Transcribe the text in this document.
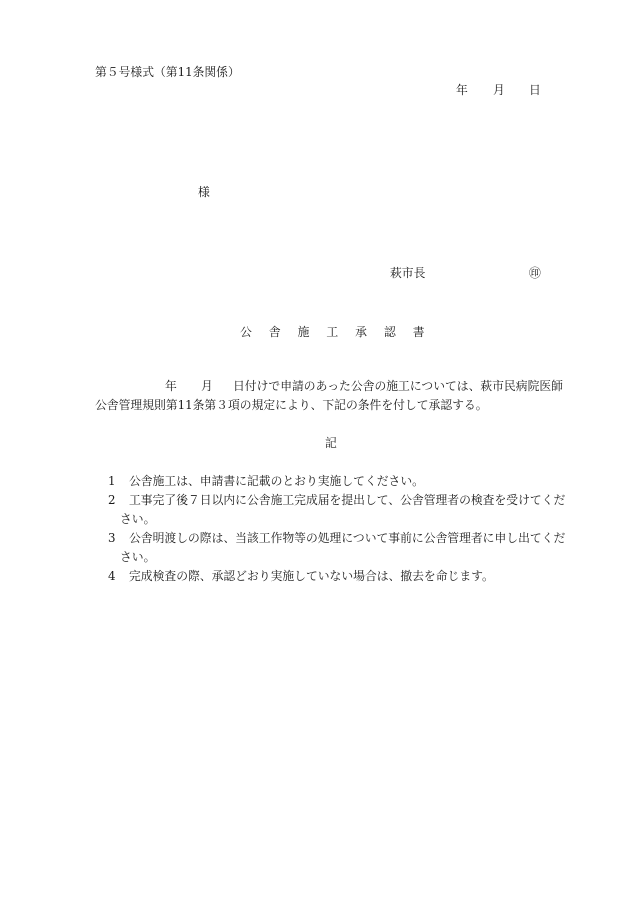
第５号様式（第11条関係）
年 月 日
様
萩市長	㊞
公　舎　施　工　承　認　書
年 月 日付けで申請のあった公舎の施工については、萩市民病院医師
公舎管理規則第11条第３項の規定により、下記の条件を付して承認する。
記
1 公舎施工は、申請書に記載のとおり実施してください。
2 工事完了後７日以内に公舎施工完成届を提出して、公舎管理者の検査を受けてくだ
さい。
3 公舎明渡しの際は、当該工作物等の処理について事前に公舎管理者に申し出てくだ
さい。
4 完成検査の際、承認どおり実施していない場合は、撤去を命じます。
